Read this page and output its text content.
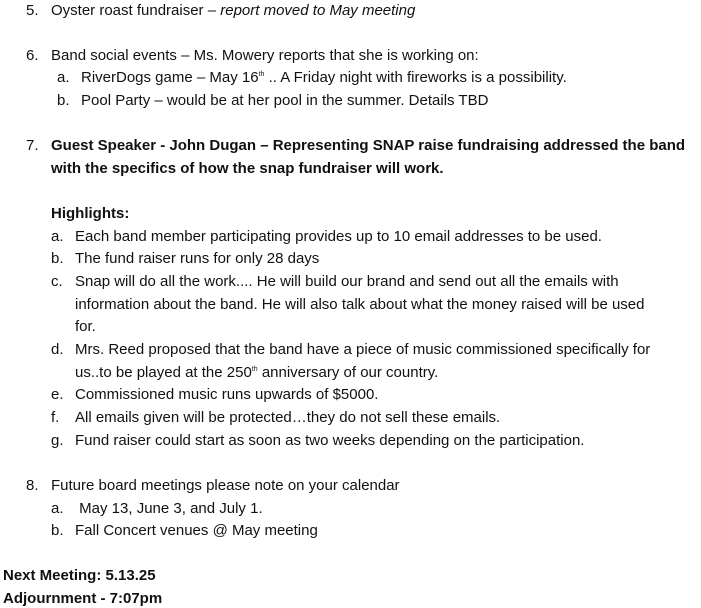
5. Oyster roast fundraiser – report moved to May meeting
6. Band social events – Ms. Mowery reports that she is working on:
a. RiverDogs game – May 16th .. A Friday night with fireworks is a possibility.
b. Pool Party – would be at her pool in the summer. Details TBD
7. Guest Speaker - John Dugan – Representing SNAP raise fundraising addressed the band
with the specifics of how the snap fundraiser will work.
Highlights:
a. Each band member participating provides up to 10 email addresses to be used.
b. The fund raiser runs for only 28 days
c. Snap will do all the work.... He will build our brand and send out all the emails with
information about the band. He will also talk about what the money raised will be used
for.
d. Mrs. Reed proposed that the band have a piece of music commissioned specifically for
us..to be played at the 250th anniversary of our country.
e. Commissioned music runs upwards of $5000.
f. All emails given will be protected…they do not sell these emails.
g. Fund raiser could start as soon as two weeks depending on the participation.
8. Future board meetings please note on your calendar
a. May 13, June 3, and July 1.
b. Fall Concert venues @ May meeting
Next Meeting: 5.13.25
Adjournment - 7:07pm
